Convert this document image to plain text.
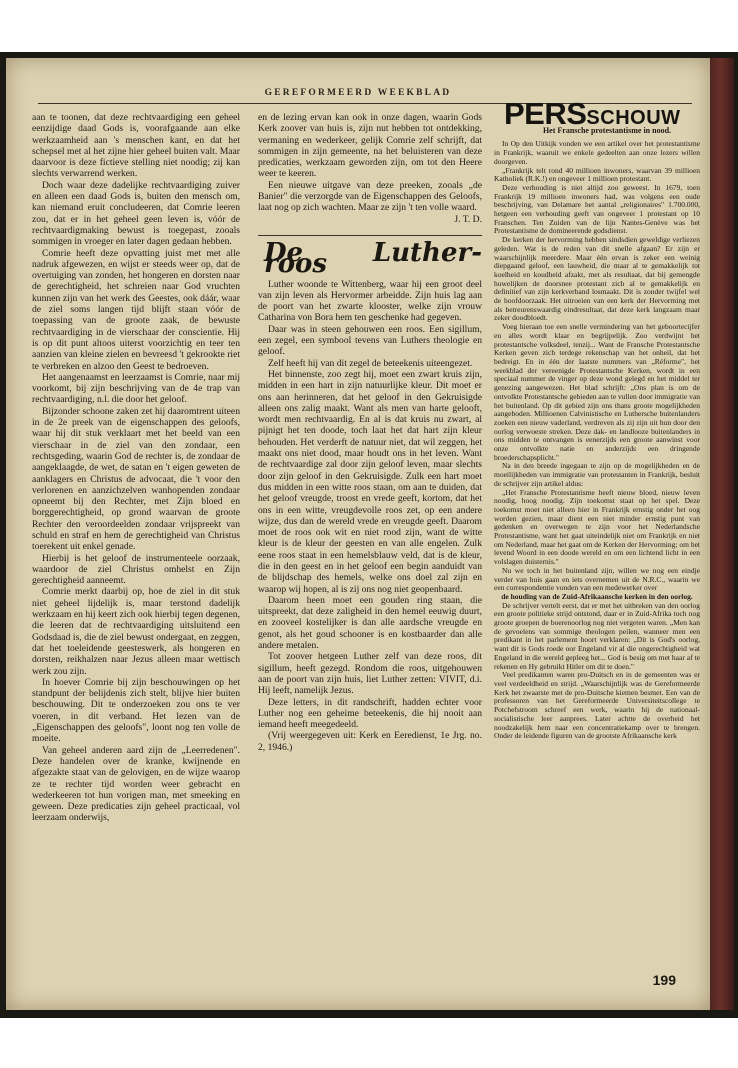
GEREFORMEERD WEEKBLAD

aan te toonen, dat deze rechtvaardiging een geheel eenzijdige daad Gods is, voorafgaande aan elke werkzaamheid aan 's menschen kant, en dat het schepsel met al het zijne hier geheel buiten valt. Maar daarvoor is deze fictieve stelling niet noodig; zij kan slechts verwarrend werken.

Doch waar deze dadelijke rechtvaardiging zuiver en alleen een daad Gods is, buiten den mensch om, kan niemand eruit concludeeren, dat Comrie leeren zou, dat er in het geheel geen leven is, vóór de rechtvaardigmaking bewust is toegepast, zooals sommigen in vroeger en later dagen gedaan hebben.

Comrie heeft deze opvatting juist met met alle nadruk afgewezen, en wijst er steeds weer op, dat de overtuiging van zonden, het hongeren en dorsten naar de gerechtigheid, het schreien naar God vruchten kunnen zijn van het werk des Geestes, ook dáár, waar de ziel soms langen tijd blijft staan vóór de toepassing van de groote zaak, de bewuste rechtvaardiging in de vierschaar der conscientie. Hij is op dit punt altoos uiterst voorzichtig en teer ten aanzien van kleine zielen en bevreesd 't gekrookte riet te verbreken en alzoo den Geest te bedroeven.

Het aangenaamst en leerzaamst is Comrie, naar mij voorkomt, bij zijn beschrijving van de 4e trap van rechtvaardiging, n.l. die door het geloof.

Bijzonder schoone zaken zet hij daaromtrent uiteen in de 2e preek van de eigenschappen des geloofs, waar hij dit stuk verklaart met het beeld van een vierschaar in de ziel van den zondaar, een rechtsgeding, waarin God de rechter is, de zondaar de aangeklaagde, de wet, de satan en 't eigen geweten de aanklagers en Christus de advocaat, die 't voor den verlorenen en aanzichzelven wanhopenden zondaar opneemt bij den Rechter, met Zijn bloed en borggerechtigheid, op grond waarvan de groote Rechter den veroordeelden zondaar vrijspreekt van schuld en straf en hem de gerechtigheid van Christus toerekent uit enkel genade.

Hierbij is het geloof de instrumenteele oorzaak, waardoor de ziel Christus omhelst en Zijn gerechtigheid aanneemt.

Comrie merkt daarbij op, hoe de ziel in dit stuk niet geheel lijdelijk is, maar terstond dadelijk werkzaam en hij keert zich ook hierbij tegen degenen, die leeren dat de rechtvaardiging uitsluitend een Godsdaad is, die de ziel bewust ondergaat, en zeggen, dat het toeleidende geesteswerk, als hongeren en dorsten, reikhalzen naar Jezus alleen maar wettisch werk zou zijn.

In hoever Comrie bij zijn beschouwingen op het standpunt der belijdenis zich stelt, blijve hier buiten beschouwing. Dit te onderzoeken zou ons te ver voeren, in dit verband. Het lezen van de „Eigenschappen des geloofs", loont nog ten volle de moeite.

Van geheel anderen aard zijn de „Leerredenen". Deze handelen over de kranke, kwijnende en afgezakte staat van de gelovigen, en de wijze waarop ze te rechter tijd worden weer gebracht en wederkeeren tot hun vorigen man, met smeeking en geween. Deze predicaties zijn geheel practicaal, vol leerzaam onderwijs,

en de lezing ervan kan ook in onze dagen, waarin Gods Kerk zoover van huis is, zijn nut hebben tot ontdekking, vermaning en wederkeer, gelijk Comrie zelf schrijft, dat sommigen in zijn gemeente, na het beluisteren van deze predicaties, werkzaam geworden zijn, om tot den Heere weer te keeren.

Een nieuwe uitgave van deze preeken, zooals „de Banier" die verzorgde van de Eigenschappen des Geloofs, laat nog op zich wachten. Maar ze zijn 't ten volle waard.

J. T. D.

De Luther-roos

Luther woonde te Wittenberg, waar hij een groot deel van zijn leven als Hervormer arbeidde. Zijn huis lag aan de poort van het zwarte klooster, welke zijn vrouw Catharina von Bora hem ten geschenke had gegeven.

Daar was in steen gehouwen een roos. Een sigillum, een zegel, een symbool tevens van Luthers theologie en geloof.

Zelf heeft hij van dit zegel de beteekenis uiteengezet.

Het binnenste, zoo zegt hij, moet een zwart kruis zijn, midden in een hart in zijn natuurlijke kleur. Dit moet er ons aan herinneren, dat het geloof in den Gekruisigde alleen ons zalig maakt. Want als men van harte gelooft, wordt men rechtvaardig. En al is dat kruis nu zwart, al pijnigt het ten doode, toch laat het dat hart zijn kleur behouden. Het verderft de natuur niet, dat wil zeggen, het maakt ons niet dood, maar houdt ons in het leven. Want de rechtvaardige zal door zijn geloof leven, maar slechts door zijn geloof in den Gekruisigde. Zulk een hart moet dus midden in een witte roos staan, om aan te duiden, dat het geloof vreugde, troost en vrede geeft, kortom, dat het ons in een witte, vreugdevolle roos zet, op een andere wijze, dus dan de wereld vrede en vreugde geeft. Daarom moet de roos ook wit en niet rood zijn, want de witte kleur is de kleur der geesten en van alle engelen. Zulk eene roos staat in een hemelsblauw veld, dat is de kleur, die in den geest en in het geloof een begin aanduidt van de blijdschap des hemels, welke ons doel zal zijn en waarop wij hopen, al is zij ons nog niet geopenbaard.

Daarom heen moet een gouden ring staan, die uitspreekt, dat deze zaligheid in den hemel eeuwig duurt, en zooveel kostelijker is dan alle aardsche vreugde en genot, als het goud schooner is en kostbaarder dan alle andere metalen.

Tot zoover hetgeen Luther zelf van deze roos, dit sigillum, heeft gezegd. Rondom die roos, uitgehouwen aan de poort van zijn huis, liet Luther zetten: VIVIT, d.i. Hij leeft, namelijk Jezus.

Deze letters, in dit randschrift, hadden echter voor Luther nog een geheime beteekenis, die hij nooit aan iemand heeft meegedeeld.

(Vrij weergegeven uit: Kerk en Eeredienst, 1e Jrg. no. 2, 1946.)

PERSSCHOUW
Het Fransche protestantisme in nood.

In Op den Uitkijk vonden we een artikel over het protestantisme in Frankrijk, waaruit we enkele gedeelten aan onze lezers willen doorgeven.

„Frankrijk telt rond 40 millioen inwoners, waarvan 39 millioen Katholiek (R.K.!) en ongeveer 1 millioen protestant.

Deze verhouding is niet altijd zoo geweest. In 1679, toen Frankrijk 19 millioen inwoners had, was volgens een oude beschrijving, van Delamare het aantal „religionaires" 1.700.000, hetgeen een verhouding geeft van ongeveer 1 protestant op 10 Franschen. Ten Zuiden van de lijn Nantes-Genève was het Protestantisme de domineerende godsdienst.

De kerken der hervorming hebben sindsdien geweldige verliezen geleden. Wat is de reden van dit snelle afgaan? Er zijn er waarschijnlijk meerdere. Maar één ervan is zeker een weinig diepgaand geloof, een lauwheid, die maar al te gemakkelijk tot koelheid en koudheid afzakt, met als resultaat, dat bij gemengde huwelijken de doorsnee protestant zich al te gemakkelijk en definitief van zijn kerkverband losmaakt. Dit is zonder twijfel wel de hoofdoorzaak. Het uitroeien van een kerk der Hervorming met als betreurenswaardig eindresultaat, dat deze kerk langzaam maar zeker doodbloedt.

Voeg hieraan toe een snelle vermindering van het geboortecijfer en alles wordt klaar en begrijpelijk. Zoo verdwijnt het protestantsche volksdeel, tenzij... Want de Fransche Protestantsche Kerken geven zich terdege rekenschap van het onheil, dat het bedreigt. En in één der laatste nummers van „Réforme", het weekblad der vereenigde Protestantsche Kerken, wordt in een speciaal nummer de vinger op deze wond gelegd en het middel ter genezing aangewezen. Het blad schrijft: „Ons plan is om de ontvolkte Protestantsche gebieden aan te vullen door immigratie van het buitenland. Op dit gebied zijn ons thans groote mogelijkheden aangeboden. Millioenen Calvinistische en Luthersche buitenlanders zoeken een nieuw vaderland, verdreven als zij zijn uit hun door den oorlog verwoeste streken. Deze dak- en landlooze buitenlanders in ons midden te ontvangen is eenerzijds een groote aanwinst voor onze ontvolkte natie en anderzijds een dringende broederschapsplicht."

Na in den breede ingegaan te zijn op de mogelijkheden en de moeilijkheden van immigratie van protestanten in Frankrijk, besluit de schrijver zijn artikel aldus:

„Het Fransche Protestantisme heeft nieuw bloed, nieuw leven noodig, hoog noodig. Zijn toekomst staat op het spel. Deze toekomst moet niet alleen hier in Frankrijk ernstig onder het oog worden gezien, maar dient een niet minder ernstig punt van gedenken en overwegen te zijn voor het Nederlandsche Protestantisme, want het gaat uiteindelijk niet om Frankrijk en niet om Nederland, maar het gaat om de Kerken der Hervorming; om het levend Woord in een doode wereld en om een lichtend licht in een volslagen duisternis."

Nu we toch in het buitenland zijn, willen we nog een eindje verder van huis gaan en iets overnemen uit de N.R.C., waarin we een correspondentie vonden van een medewerker over

de houding van de Zuid-Afrikaansche kerken in den oorlog.

De schrijver vertelt eerst, dat er met het uitbreken van den oorlog een groote politieke strijd ontstond, daar er in Zuid-Afrika toch nog groote groepen de boerenoorlog nog niet vergeten waren. „Men kan de gevoelens van sommige theologen peilen, wanneer men een predikant in het parlement hoort verklaren: „Dit is God's oorlog, want dit is Gods roede oor Engeland vir al die ongerechtigheid wat Engeland in die wereld gepleeg het... God is besig om met haar af te rekenen en Hy gebruikt Hitler om dit te doen."

Veel predikanten waren pro-Duitsch en in de gemeenten was er veel verdeeldheid en strijd. „Waarschijnlijk was de Gereformeerde Kerk het zwaarste met de pro-Duitsche kiemen besmet. Een van de professoren van het Gereformeerde Universiteitscollege te Potchefstroom schreef een werk, waarin hij de nationaal-socialistische leer aanprees. Later achtte de overheid het noodzakelijk hem naar een concentratiekamp over te brengen. Onder de leidende figuren van de grootste Afrikaansche kerk

199
